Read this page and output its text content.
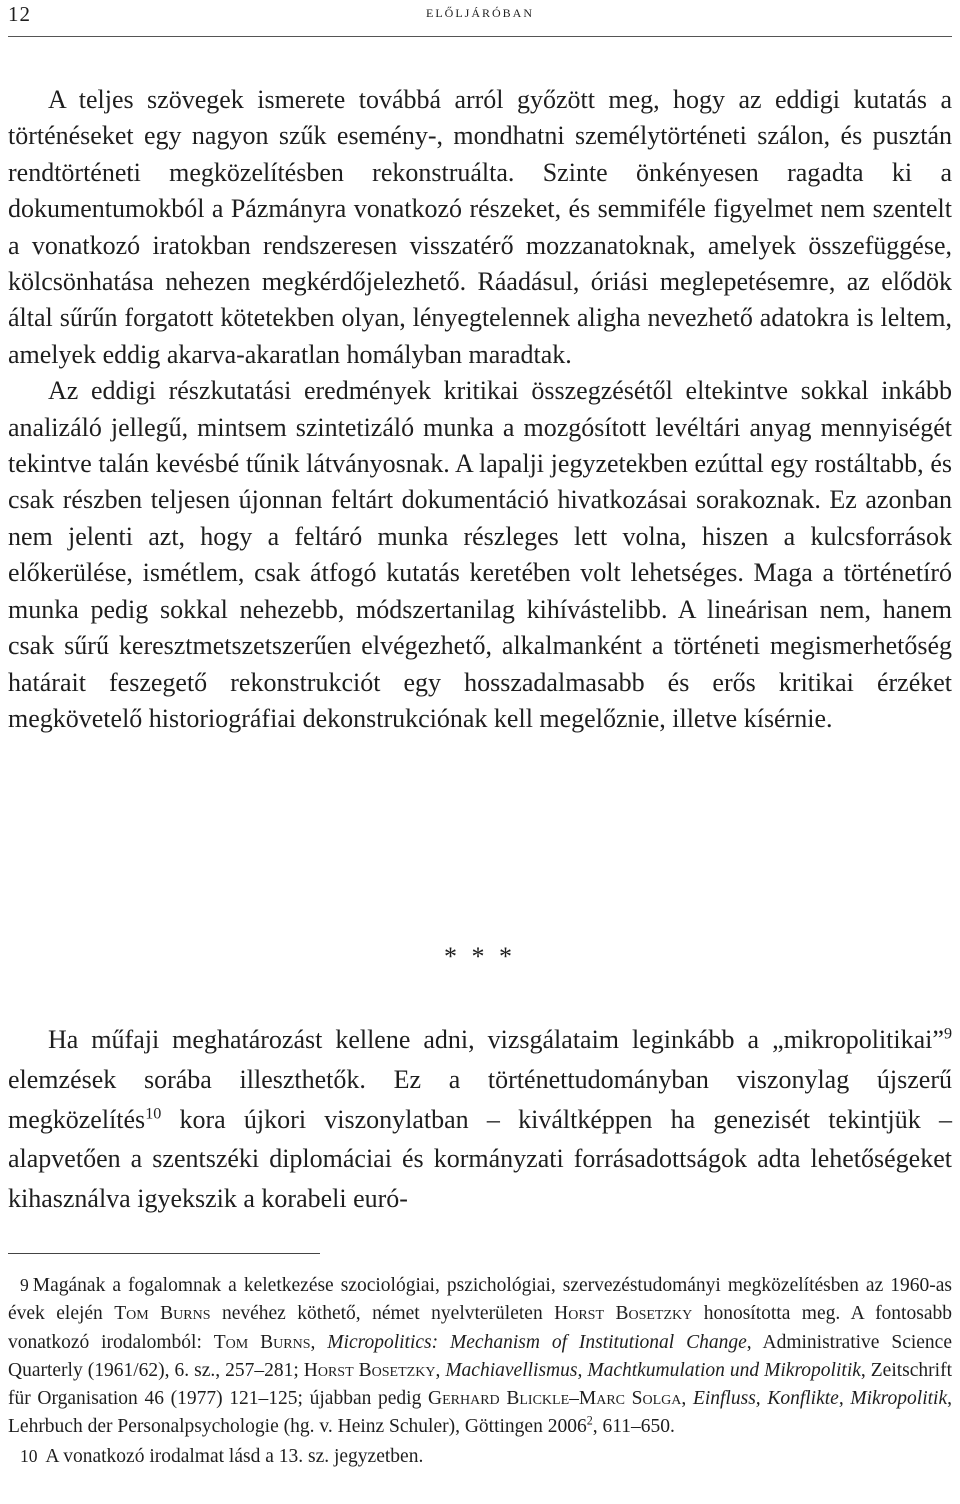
12	előljáróban

A teljes szövegek ismerete továbbá arról győzött meg, hogy az eddigi kutatás a történéseket egy nagyon szűk esemény-, mondhatni személytörténeti szálon, és pusztán rendtörténeti megközelítésben rekonstruálta. Szinte önkényesen ragadta ki a dokumentumokból a Pázmányra vonatkozó részeket, és semmiféle figyelmet nem szentelt a vonatkozó iratokban rendszeresen visszatérő mozzanatoknak, amelyek összefüggése, kölcsönhatása nehezen megkérdőjelezhető. Ráadásul, óriási meglepetésemre, az elődök által sűrűn forgatott kötetekben olyan, lényegtelennek aligha nevezhető adatokra is leltem, amelyek eddig akarva-akaratlan homályban maradtak.

Az eddigi részkutatási eredmények kritikai összegzésétől eltekintve sokkal inkább analizáló jellegű, mintsem szintetizáló munka a mozgósított levéltári anyag mennyiségét tekintve talán kevésbé tűnik látványosnak. A lapalji jegyzetekben ezúttal egy rostáltabb, és csak részben teljesen újonnan feltárt dokumentáció hivatkozásai sorakoznak. Ez azonban nem jelenti azt, hogy a feltáró munka részleges lett volna, hiszen a kulcsforrások előkerülése, ismétlem, csak átfogó kutatás keretében volt lehetséges. Maga a történetíró munka pedig sokkal nehezebb, módszertanilag kihívástelibb. A lineárisan nem, hanem csak sűrű keresztmetszetszerűen elvégezhető, alkalmanként a történeti megismerhetőség határait feszegető rekonstrukciót egy hosszadalmasabb és erős kritikai érzéket megkövetelő historiográfiai dekonstrukciónak kell megelőznie, illetve kísérnie.

* * *

Ha műfaji meghatározást kellene adni, vizsgálataim leginkább a „mikropolitikai”$^9$ elemzések sorába illeszthetők. Ez a történettudományban viszonylag újszerű megközelítés$^{10}$ kora újkori viszonylatban – kiváltképpen ha genezisét tekintjük – alapvetően a szentszéki diplomáciai és kormányzati forrásadottságok adta lehetőségeket kihasználva igyekszik a korabeli euró-

9 Magának a fogalomnak a keletkezése szociológiai, pszichológiai, szervezéstudományi megközelítésben az 1960-as évek elején Tom Burns nevéhez köthető, német nyelvterületen Horst Bosetzky honosította meg. A fontosabb vonatkozó irodalomból: Tom Burns, Micropolitics: Mechanism of Institutional Change, Administrative Science Quarterly (1961/62), 6. sz., 257–281; Horst Bosetzky, Machiavellismus, Machtkumulation und Mikropolitik, Zeitschrift für Organisation 46 (1977) 121–125; újabban pedig Gerhard Blickle–Marc Solga, Einfluss, Konflikte, Mikropolitik, Lehrbuch der Personalpsychologie (hg. v. Heinz Schuler), Göttingen 2006$^2$, 611–650.

10 A vonatkozó irodalmat lásd a 13. sz. jegyzetben.
